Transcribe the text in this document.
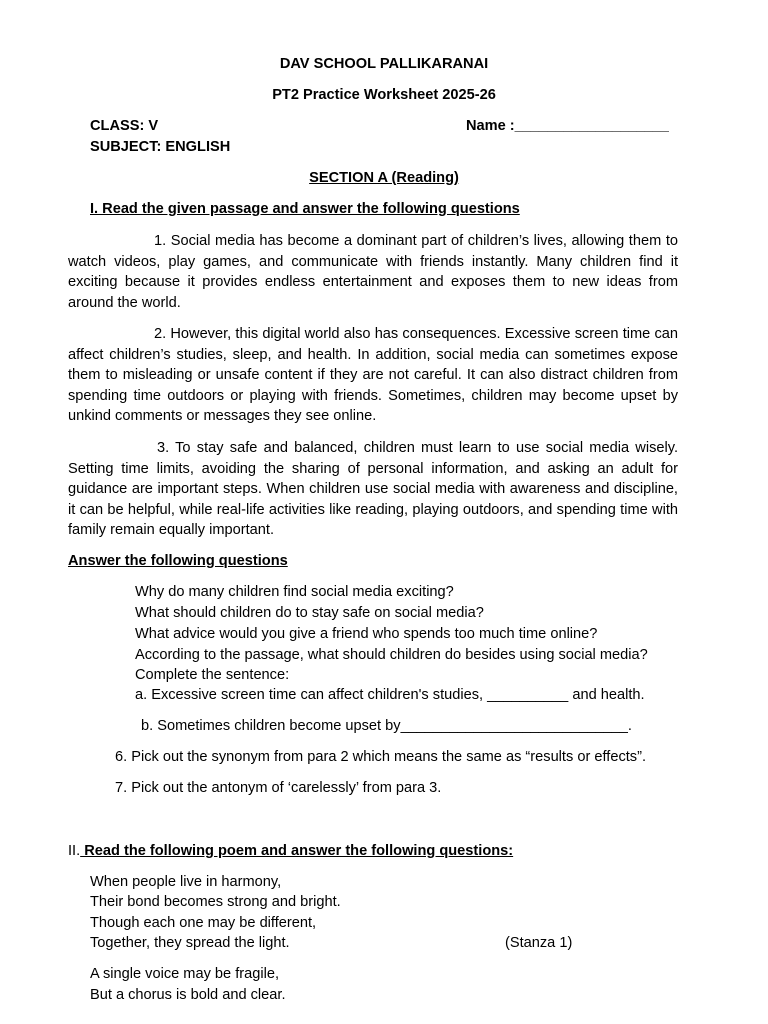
DAV SCHOOL PALLIKARANAI
PT2 Practice Worksheet 2025-26
CLASS: V	Name :___________________
SUBJECT: ENGLISH
SECTION A (Reading)
I. Read the given passage and answer the following questions
1. Social media has become a dominant part of children’s lives, allowing them to watch videos, play games, and communicate with friends instantly. Many children find it exciting because it provides endless entertainment and exposes them to new ideas from around the world.
2. However, this digital world also has consequences. Excessive screen time can affect children’s studies, sleep, and health. In addition, social media can sometimes expose them to misleading or unsafe content if they are not careful. It can also distract children from spending time outdoors or playing with friends. Sometimes, children may become upset by unkind comments or messages they see online.
3. To stay safe and balanced, children must learn to use social media wisely. Setting time limits, avoiding the sharing of personal information, and asking an adult for guidance are important steps. When children use social media with awareness and discipline, it can be helpful, while real-life activities like reading, playing outdoors, and spending time with family remain equally important.
Answer the following questions
Why do many children find social media exciting?
What should children do to stay safe on social media?
What advice would you give a friend who spends too much time online?
According to the passage, what should children do besides using social media?
Complete the sentence:
a. Excessive screen time can affect children's studies, __________ and health.
b. Sometimes children become upset by____________________________.
6. Pick out the synonym from para 2 which means the same as “results or effects”.
7. Pick out the antonym of ‘carelessly’ from para 3.
II. Read the following poem and answer the following questions:
When people live in harmony,
Their bond becomes strong and bright.
Though each one may be different,
Together, they spread the light.	(Stanza 1)
A single voice may be fragile,
But a chorus is bold and clear.
